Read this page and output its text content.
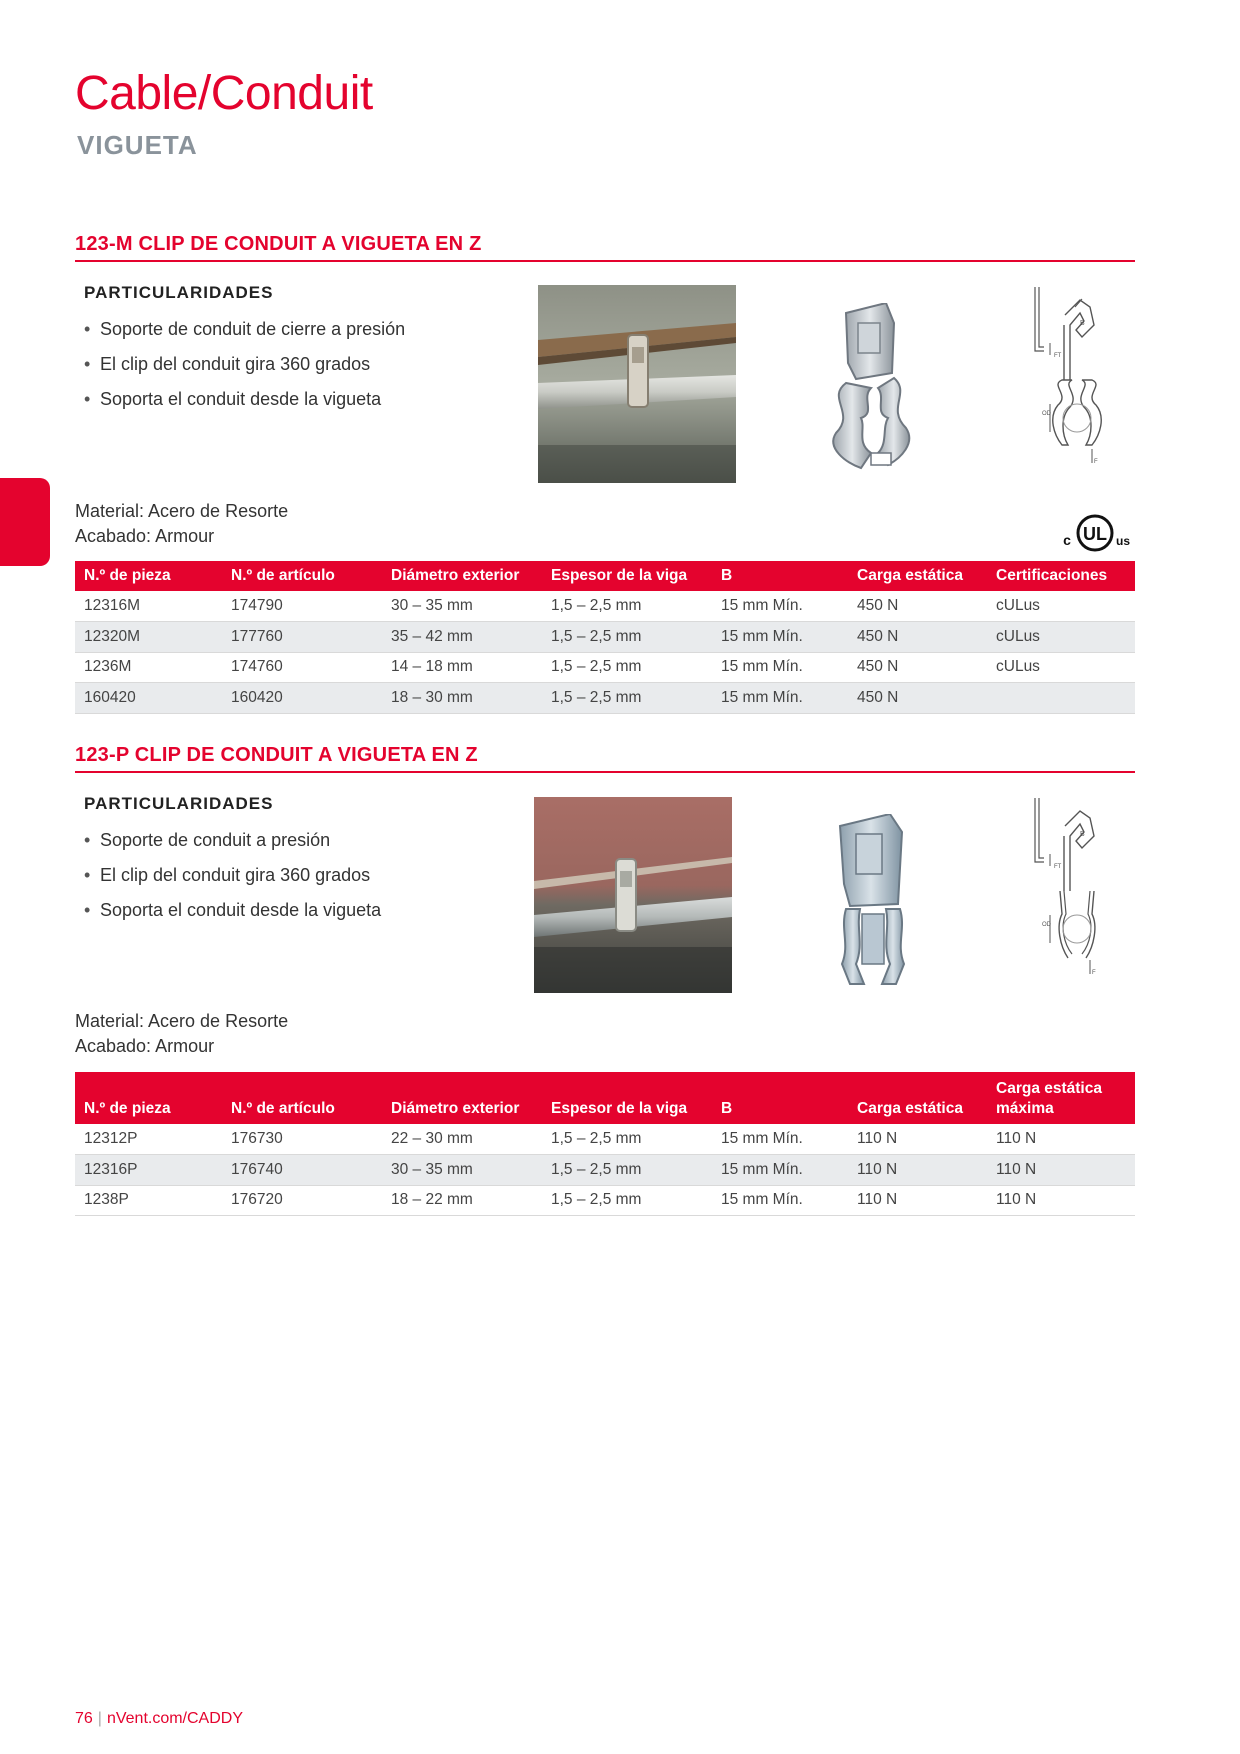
Cable/Conduit
VIGUETA
123-M CLIP DE CONDUIT A VIGUETA EN Z
PARTICULARIDADES
• Soporte de conduit de cierre a presión
• El clip del conduit gira 360 grados
• Soporta el conduit desde la vigueta
B
FT
OD
F
Material: Acero de Resorte
Acabado: Armour	UL
c	us
N.º de pieza	N.º de artículo	Diámetro exterior	Espesor de la viga	B	Carga estática	Certificaciones
12316M	174790	30 – 35 mm	1,5 – 2,5 mm	15 mm Mín.	450 N	cULus
12320M	177760	35 – 42 mm	1,5 – 2,5 mm	15 mm Mín.	450 N	cULus
1236M	174760	14 – 18 mm	1,5 – 2,5 mm	15 mm Mín.	450 N	cULus
160420	160420	18 – 30 mm	1,5 – 2,5 mm	15 mm Mín.	450 N	
123-P CLIP DE CONDUIT A VIGUETA EN Z
PARTICULARIDADES
• Soporte de conduit a presión
• El clip del conduit gira 360 grados
• Soporta el conduit desde la vigueta
B
FT
OD
F
Material: Acero de Resorte
Acabado: Armour
N.º de pieza	N.º de artículo	Diámetro exterior	Espesor de la viga	B	Carga estática	Carga estática máxima
12312P	176730	22 – 30 mm	1,5 – 2,5 mm	15 mm Mín.	110 N	110 N
12316P	176740	30 – 35 mm	1,5 – 2,5 mm	15 mm Mín.	110 N	110 N
1238P	176720	18 – 22 mm	1,5 – 2,5 mm	15 mm Mín.	110 N	110 N
76 | nVent.com/CADDY
